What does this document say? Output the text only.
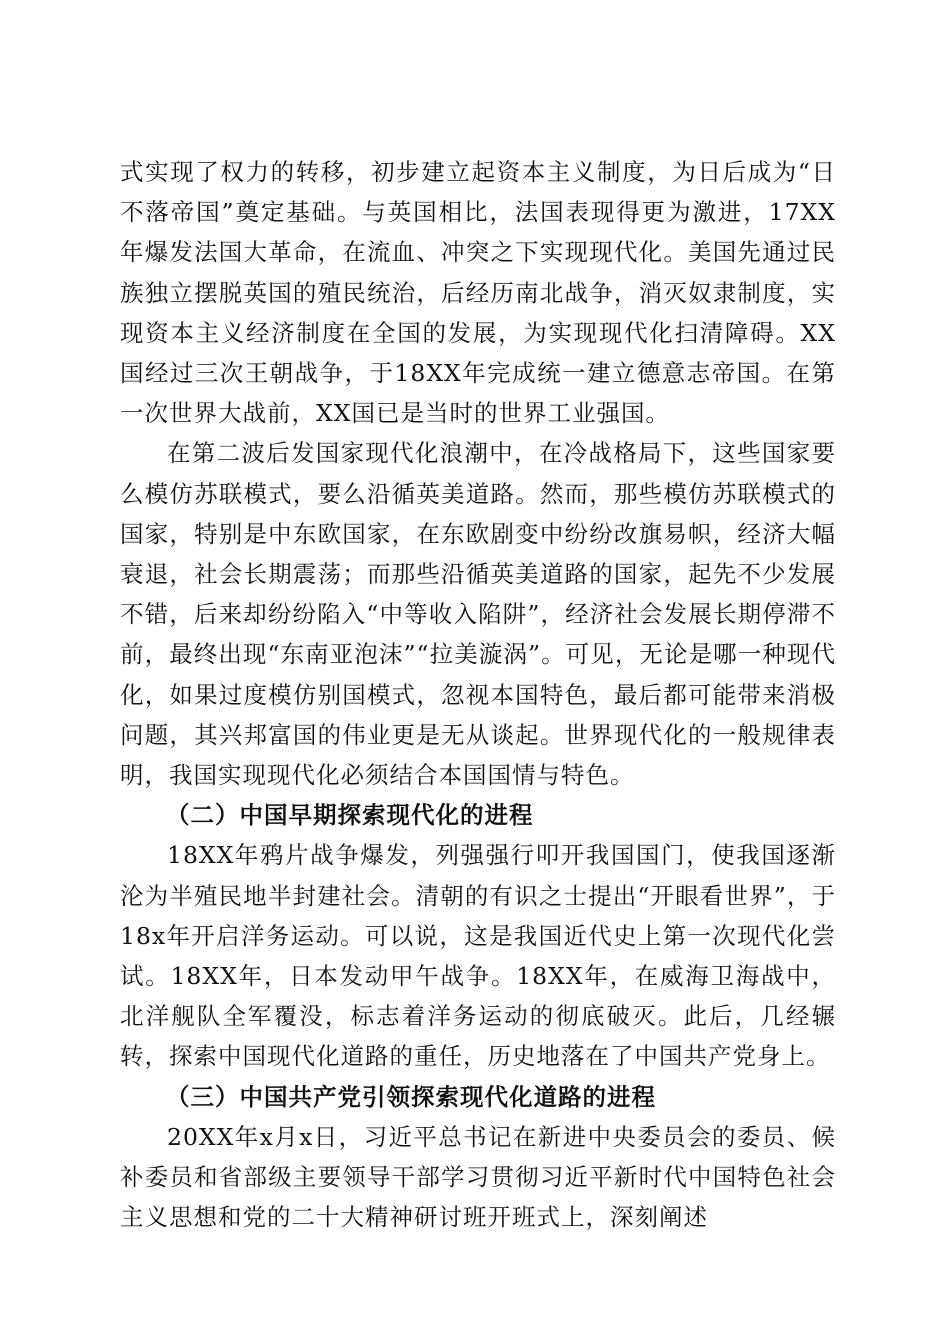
式实现了权力的转移，初步建立起资本主义制度，为日后成为“日不落帝国”奠定基础。与英国相比，法国表现得更为激进，17XX年爆发法国大革命，在流血、冲突之下实现现代化。美国先通过民族独立摆脱英国的殖民统治，后经历南北战争，消灭奴隶制度，实现资本主义经济制度在全国的发展，为实现现代化扫清障碍。XX国经过三次王朝战争，于18XX年完成统一建立德意志帝国。在第一次世界大战前，XX国已是当时的世界工业强国。

在第二波后发国家现代化浪潮中，在冷战格局下，这些国家要么模仿苏联模式，要么沿循英美道路。然而，那些模仿苏联模式的国家，特别是中东欧国家，在东欧剧变中纷纷改旗易帜，经济大幅衰退，社会长期震荡；而那些沿循英美道路的国家，起先不少发展不错，后来却纷纷陷入“中等收入陷阱”，经济社会发展长期停滞不前，最终出现“东南亚泡沫”“拉美漩涡”。可见，无论是哪一种现代化，如果过度模仿别国模式，忽视本国特色，最后都可能带来消极问题，其兴邦富国的伟业更是无从谈起。世界现代化的一般规律表明，我国实现现代化必须结合本国国情与特色。

（二）中国早期探索现代化的进程

18XX年鸦片战争爆发，列强强行叩开我国国门，使我国逐渐沦为半殖民地半封建社会。清朝的有识之士提出“开眼看世界”，于18x年开启洋务运动。可以说，这是我国近代史上第一次现代化尝试。18XX年，日本发动甲午战争。18XX年，在威海卫海战中，北洋舰队全军覆没，标志着洋务运动的彻底破灭。此后，几经辗转，探索中国现代化道路的重任，历史地落在了中国共产党身上。

（三）中国共产党引领探索现代化道路的进程

20XX年x月x日，习近平总书记在新进中央委员会的委员、候补委员和省部级主要领导干部学习贯彻习近平新时代中国特色社会主义思想和党的二十大精神研讨班开班式上，深刻阐述
